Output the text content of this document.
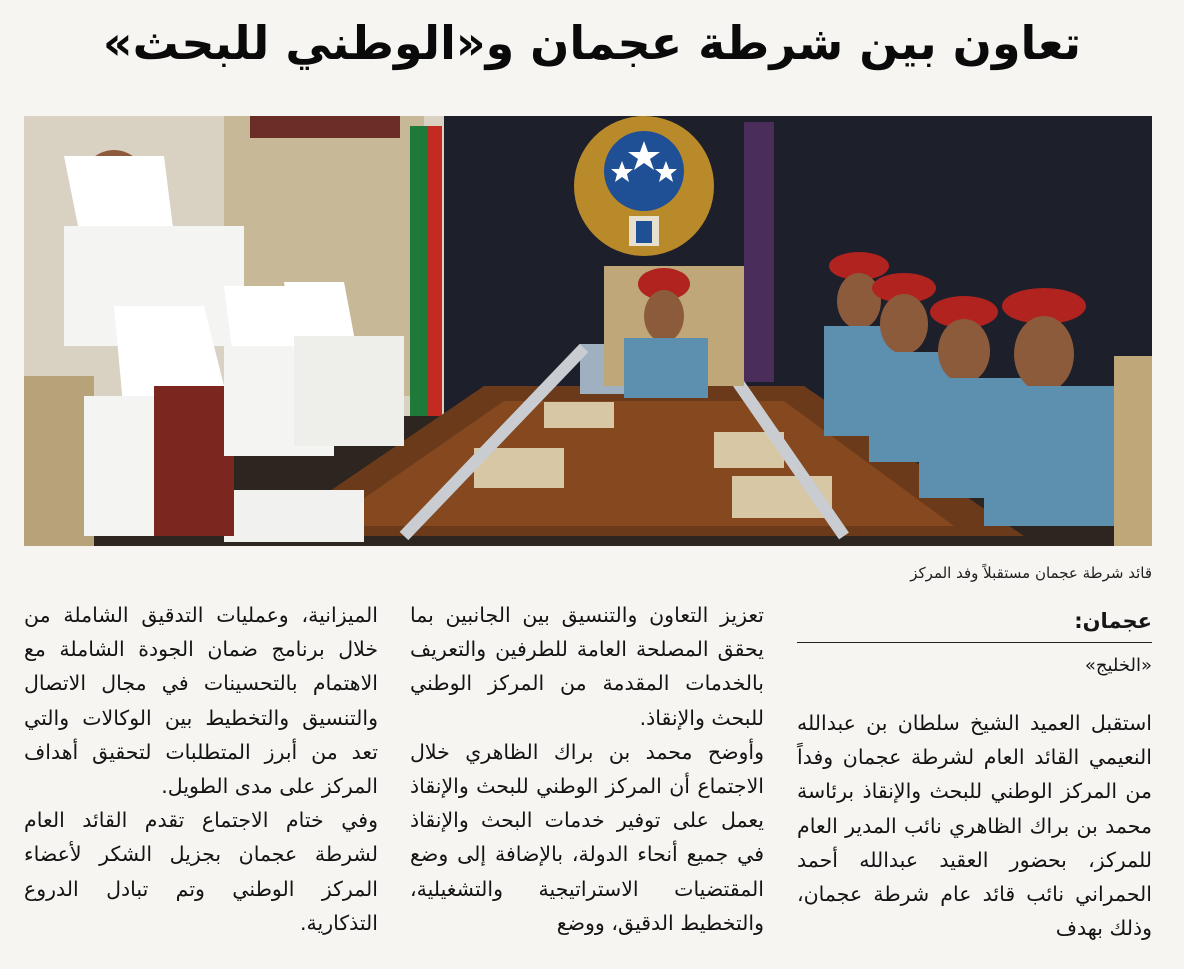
تعاون بين شرطة عجمان و«الوطني للبحث»
قائد شرطة عجمان مستقبلاً وفد المركز
عجمان:
«الخليج»

استقبل العميد الشيخ سلطان بن عبدالله النعيمي القائد العام لشرطة عجمان وفداً من المركز الوطني للبحث والإنقاذ برئاسة محمد بن براك الظاهري نائب المدير العام للمركز، بحضور العقيد عبدالله أحمد الحمراني نائب قائد عام شرطة عجمان، وذلك بهدف

تعزيز التعاون والتنسيق بين الجانبين بما يحقق المصلحة العامة للطرفين والتعريف بالخدمات المقدمة من المركز الوطني للبحث والإنقاذ.

وأوضح محمد بن براك الظاهري خلال الاجتماع أن المركز الوطني للبحث والإنقاذ يعمل على توفير خدمات البحث والإنقاذ في جميع أنحاء الدولة، بالإضافة إلى وضع المقتضيات الاستراتيجية والتشغيلية، والتخطيط الدقيق، ووضع

الميزانية، وعمليات التدقيق الشاملة من خلال برنامج ضمان الجودة الشاملة مع الاهتمام بالتحسينات في مجال الاتصال والتنسيق والتخطيط بين الوكالات والتي تعد من أبرز المتطلبات لتحقيق أهداف المركز على مدى الطويل.

وفي ختام الاجتماع تقدم القائد العام لشرطة عجمان بجزيل الشكر لأعضاء المركز الوطني وتم تبادل الدروع التذكارية.
